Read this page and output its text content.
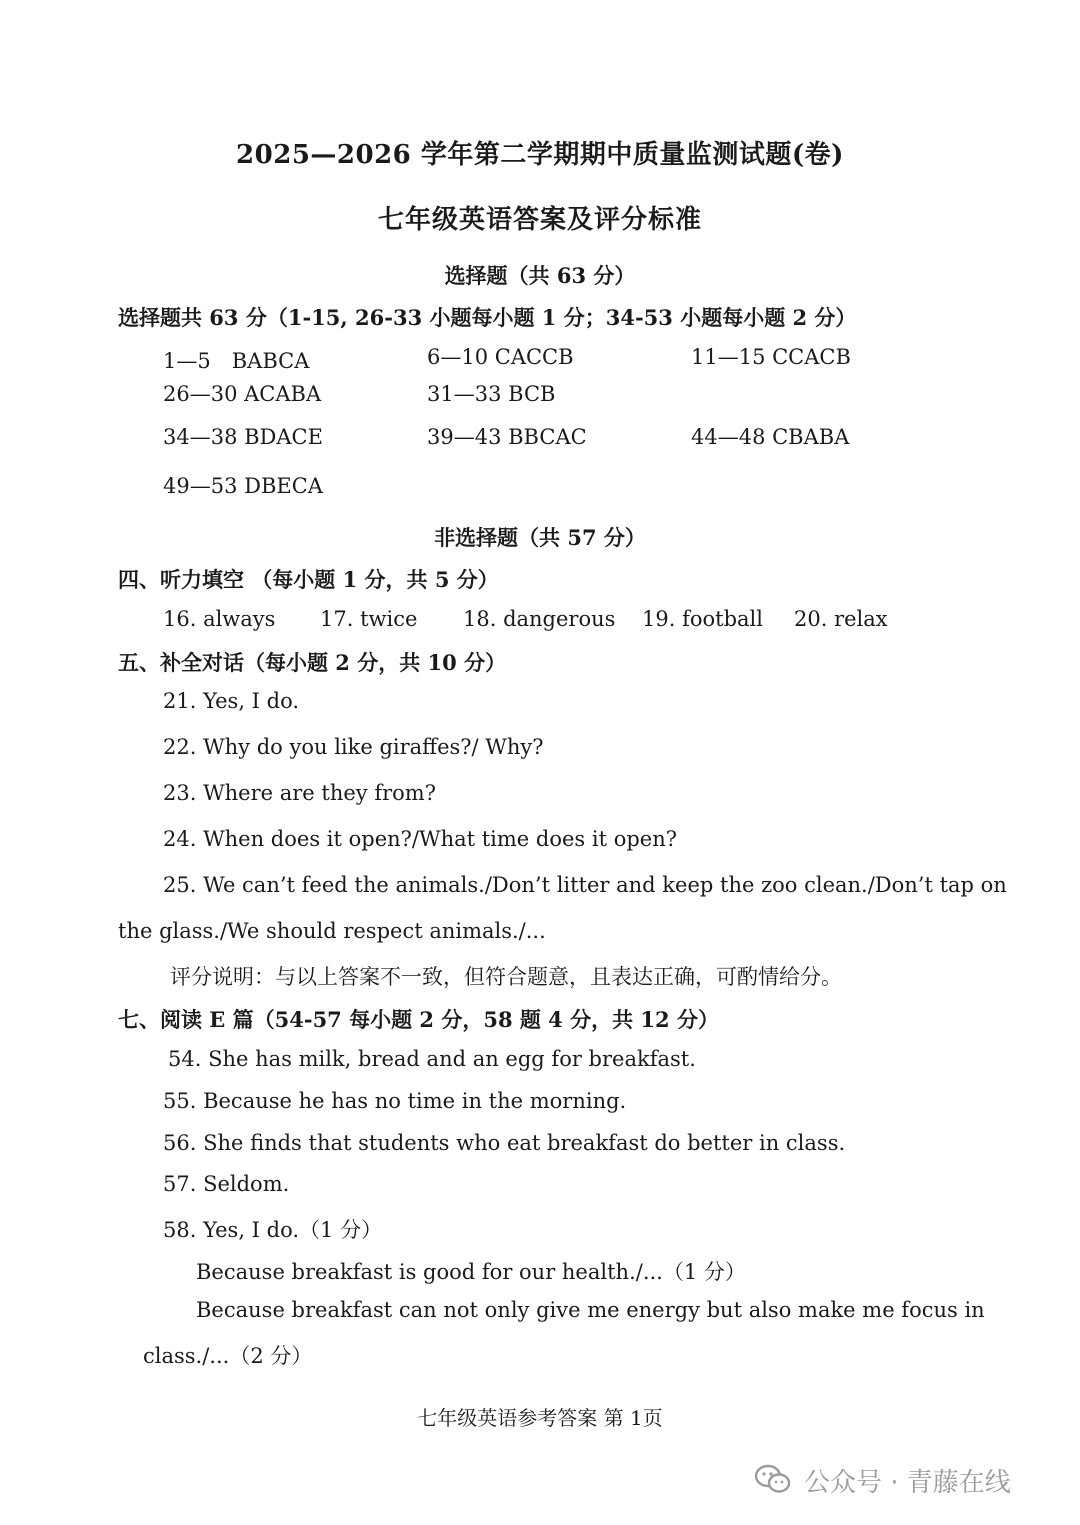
2025—2026 学年第二学期期中质量监测试题(卷)
七年级英语答案及评分标准
选择题（共 63 分）
选择题共 63 分（1-15, 26-33 小题每小题 1 分；34-53 小题每小题 2 分）
1—5　BABCA	6—10 CACCB	11—15 CCACB
26—30 ACABA	31—33 BCB
34—38 BDACE	39—43 BBCAC	44—48 CBABA
49—53 DBECA
非选择题（共 57 分）
四、听力填空 （每小题 1 分，共 5 分）
16. always 17. twice 18. dangerous 19. football 20. relax
五、补全对话（每小题 2 分，共 10 分）
21. Yes, I do.
22. Why do you like giraffes?/ Why?
23. Where are they from?
24. When does it open?/What time does it open?
25. We can’t feed the animals./Don’t litter and keep the zoo clean./Don’t tap on
the glass./We should respect animals./...
评分说明：与以上答案不一致，但符合题意，且表达正确，可酌情给分。
七、阅读 E 篇（54-57 每小题 2 分，58 题 4 分，共 12 分）
54. She has milk, bread and an egg for breakfast.
55. Because he has no time in the morning.
56. She finds that students who eat breakfast do better in class.
57. Seldom.
58. Yes, I do.（1 分）
Because breakfast is good for our health./...（1 分）
Because breakfast can not only give me energy but also make me focus in
class./...（2 分）
七年级英语参考答案 第 1页
公众号 · 青藤在线
